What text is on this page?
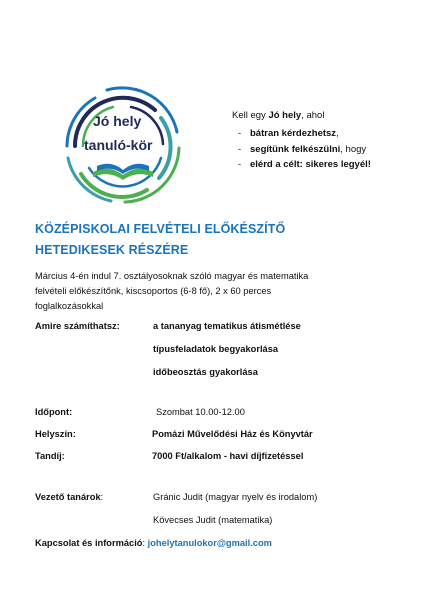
Jó hely
tanuló-kör
Kell egy Jó hely, ahol
- bátran kérdezhetsz,
- segítünk felkészülni, hogy
- elérd a célt: sikeres legyél!
KÖZÉPISKOLAI FELVÉTELI ELŐKÉSZÍTŐ
HETEDIKESEK RÉSZÉRE
Március 4-én indul 7. osztályosoknak szóló magyar és matematika
felvételi előkészítőnk, kiscsoportos (6-8 fő), 2 x 60 perces
foglalkozásokkal
Amire számíthatsz:	a tananyag tematikus átismétlése
típusfeladatok begyakorlása
időbeosztás gyakorlása
Időpont:	Szombat 10.00-12.00
Helyszín:	Pomázi Művelődési Ház és Könyvtár
Tandíj:	7000 Ft/alkalom - havi díjfizetéssel
Vezető tanárok:	Gránic Judit (magyar nyelv és irodalom)
Kövecses Judit (matematika)
Kapcsolat és információ: johelytanulokor@gmail.com
